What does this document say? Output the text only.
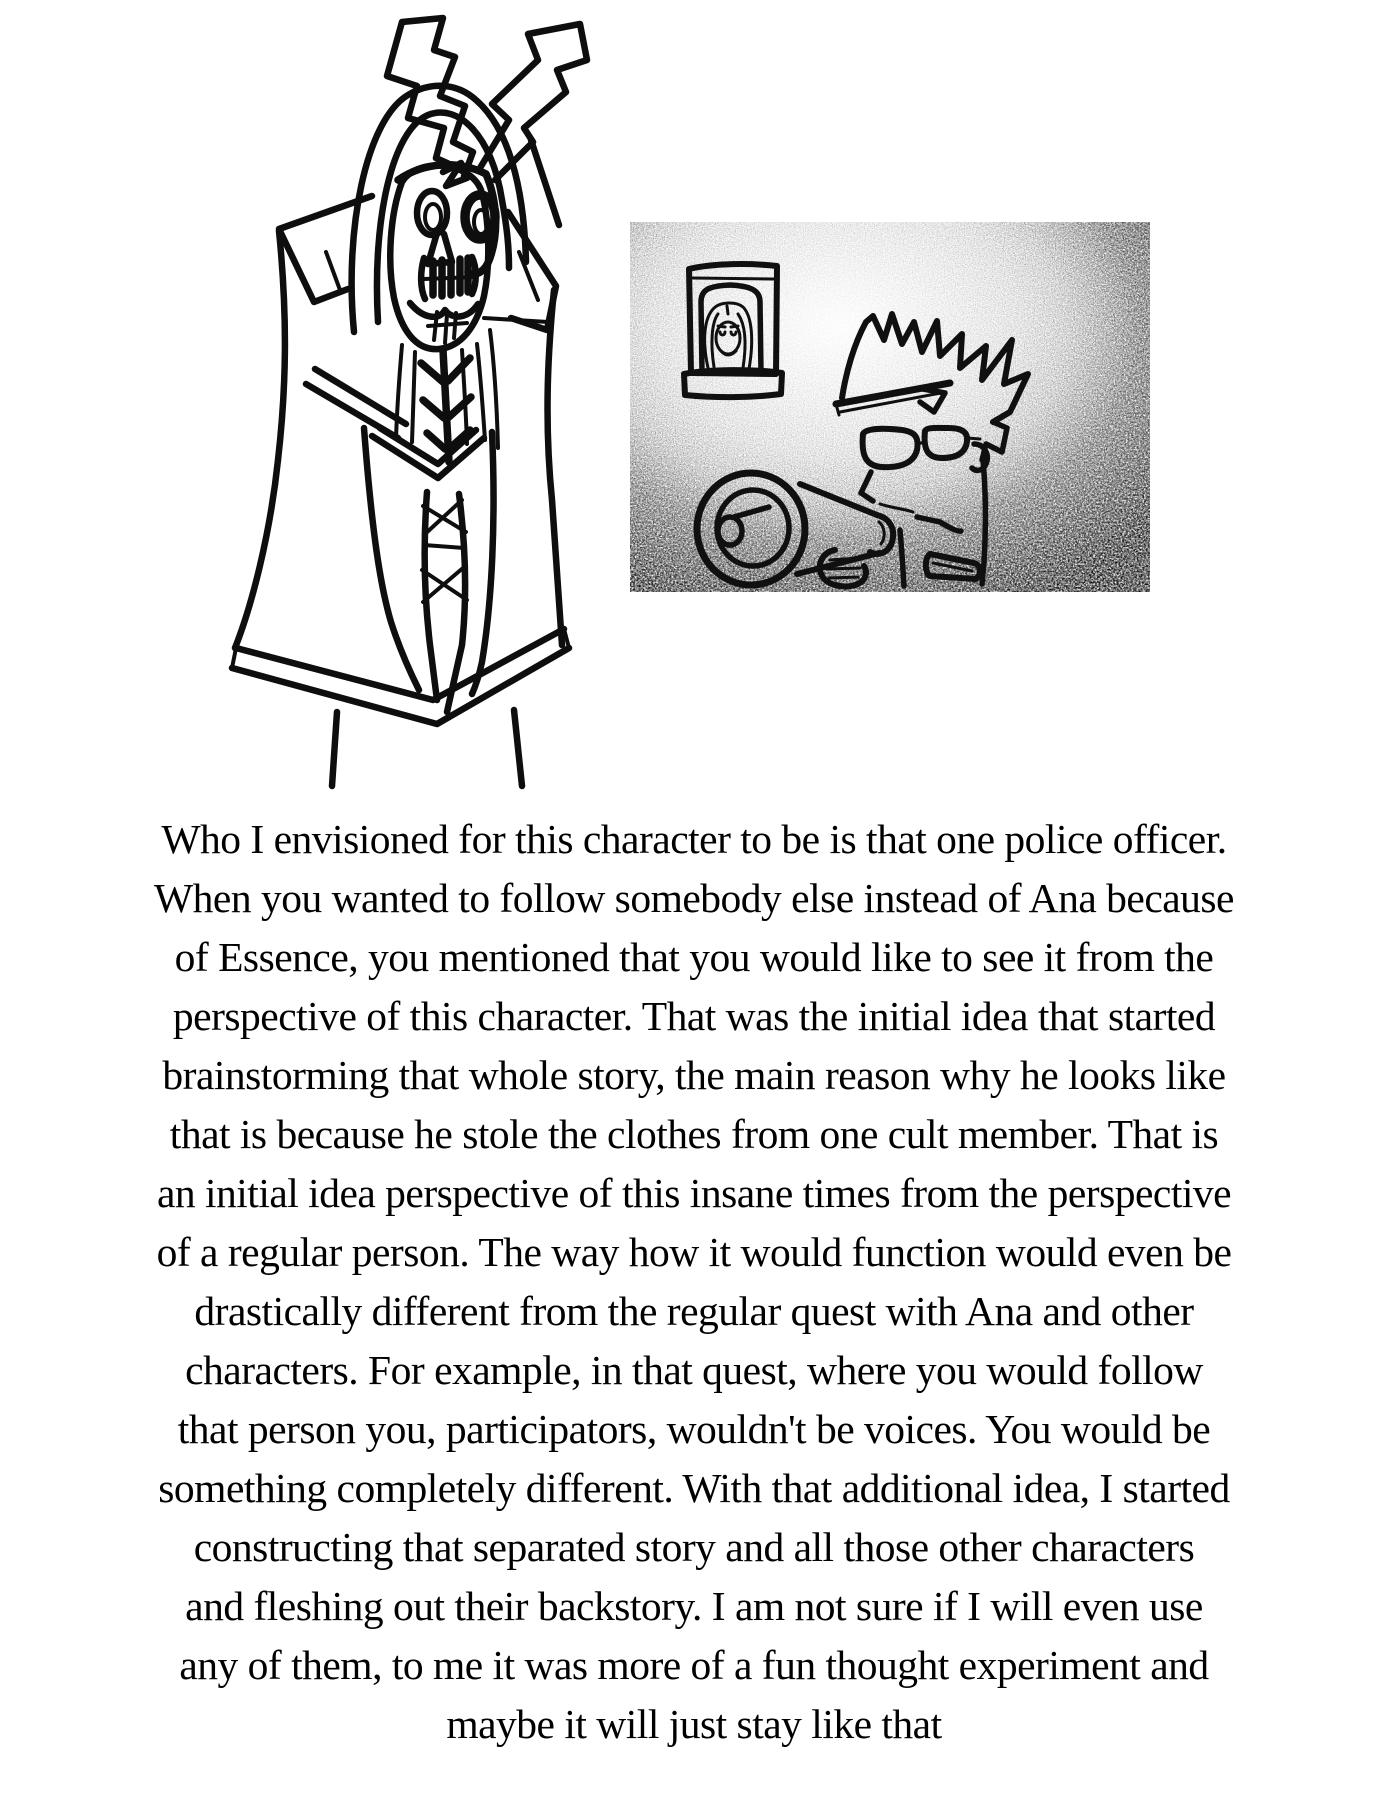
Who I envisioned for this character to be is that one police officer.
When you wanted to follow somebody else instead of Ana because
of Essence, you mentioned that you would like to see it from the
perspective of this character. That was the initial idea that started
brainstorming that whole story, the main reason why he looks like
that is because he stole the clothes from one cult member. That is
an initial idea perspective of this insane times from the perspective
of a regular person. The way how it would function would even be
drastically different from the regular quest with Ana and other
characters. For example, in that quest, where you would follow
that person you, participators, wouldn't be voices. You would be
something completely different. With that additional idea, I started
constructing that separated story and all those other characters
and fleshing out their backstory. I am not sure if I will even use
any of them, to me it was more of a fun thought experiment and
maybe it will just stay like that
